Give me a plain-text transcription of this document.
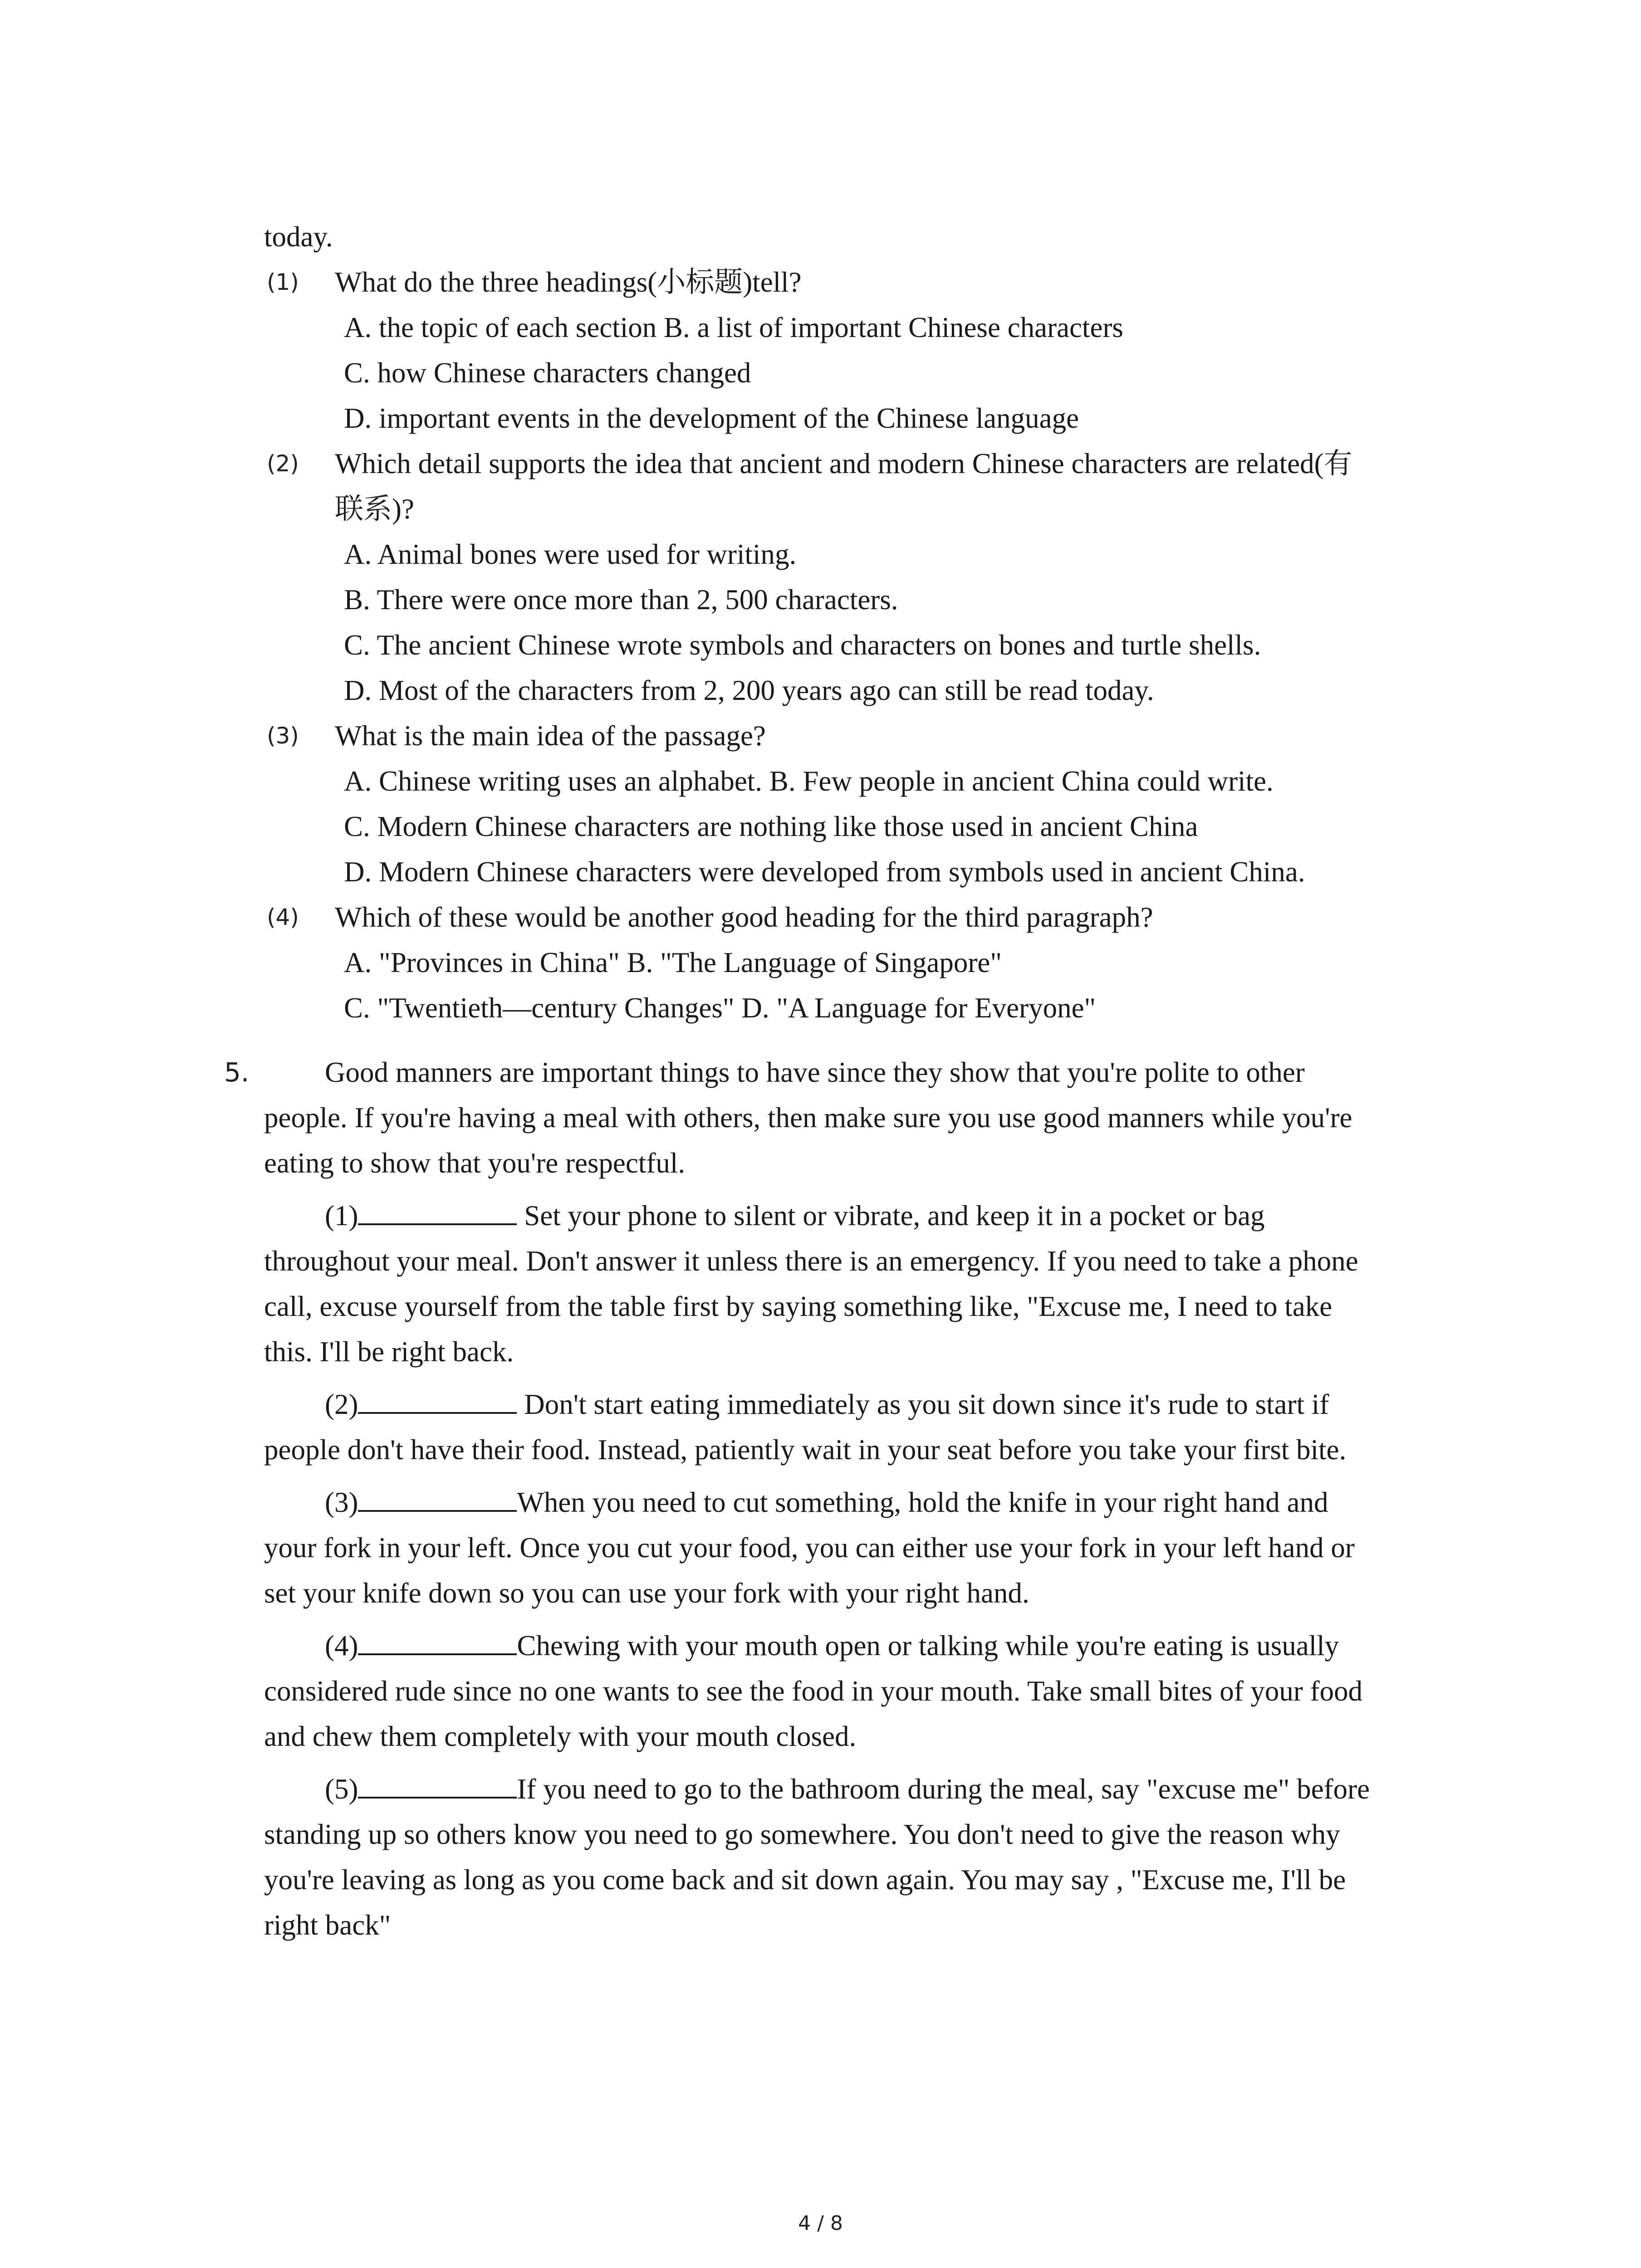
today.
(1) What do the three headings(小标题)tell?
A. the topic of each section B. a list of important Chinese characters
C. how Chinese characters changed
D. important events in the development of the Chinese language
(2) Which detail supports the idea that ancient and modern Chinese characters are related(有
联系)?
A. Animal bones were used for writing.
B. There were once more than 2, 500 characters.
C. The ancient Chinese wrote symbols and characters on bones and turtle shells.
D. Most of the characters from 2, 200 years ago can still be read today.
(3) What is the main idea of the passage?
A. Chinese writing uses an alphabet. B. Few people in ancient China could write.
C. Modern Chinese characters are nothing like those used in ancient China
D. Modern Chinese characters were developed from symbols used in ancient China.
(4) Which of these would be another good heading for the third paragraph?
A. "Provinces in China" B. "The Language of Singapore"
C. "Twentieth—century Changes" D. "A Language for Everyone"
5.	Good manners are important things to have since they show that you're polite to other
people. If you're having a meal with others, then make sure you use good manners while you're
eating to show that you're respectful.
(1)	Set your phone to silent or vibrate, and keep it in a pocket or bag
throughout your meal. Don't answer it unless there is an emergency. If you need to take a phone
call, excuse yourself from the table first by saying something like, "Excuse me, I need to take
this. I'll be right back.
(2)	Don't start eating immediately as you sit down since it's rude to start if
people don't have their food. Instead, patiently wait in your seat before you take your first bite.
(3)	When you need to cut something, hold the knife in your right hand and
your fork in your left. Once you cut your food, you can either use your fork in your left hand or
set your knife down so you can use your fork with your right hand.
(4)	Chewing with your mouth open or talking while you're eating is usually
considered rude since no one wants to see the food in your mouth. Take small bites of your food
and chew them completely with your mouth closed.
(5)	If you need to go to the bathroom during the meal, say "excuse me" before
standing up so others know you need to go somewhere. You don't need to give the reason why
you're leaving as long as you come back and sit down again. You may say , "Excuse me, I'll be
right back"
4 / 8
